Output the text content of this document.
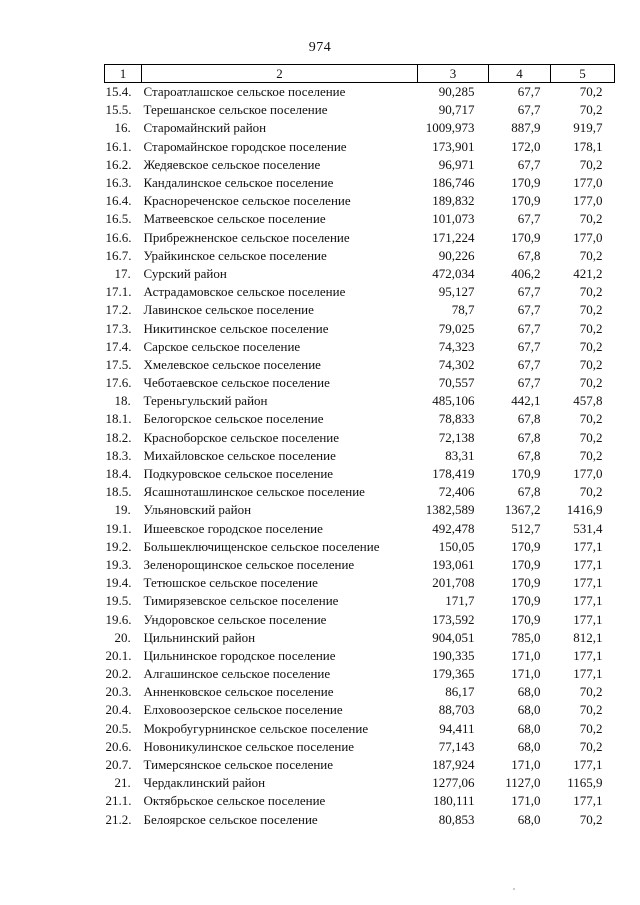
974
1	2	3	4	5
15.4.	Староатлашское сельское поселение	90,285	67,7	70,2
15.5.	Терешанское сельское поселение	90,717	67,7	70,2
16.	Старомайнский район	1009,973	887,9	919,7
16.1.	Старомайнское городское поселение	173,901	172,0	178,1
16.2.	Жедяевское сельское поселение	96,971	67,7	70,2
16.3.	Кандалинское сельское поселение	186,746	170,9	177,0
16.4.	Краснореченское сельское поселение	189,832	170,9	177,0
16.5.	Матвеевское сельское поселение	101,073	67,7	70,2
16.6.	Прибрежненское сельское поселение	171,224	170,9	177,0
16.7.	Урайкинское сельское поселение	90,226	67,8	70,2
17.	Сурский район	472,034	406,2	421,2
17.1.	Астрадамовское сельское поселение	95,127	67,7	70,2
17.2.	Лавинское сельское поселение	78,7	67,7	70,2
17.3.	Никитинское сельское поселение	79,025	67,7	70,2
17.4.	Сарское сельское поселение	74,323	67,7	70,2
17.5.	Хмелевское сельское поселение	74,302	67,7	70,2
17.6.	Чеботаевское сельское поселение	70,557	67,7	70,2
18.	Тереньгульский район	485,106	442,1	457,8
18.1.	Белогорское сельское поселение	78,833	67,8	70,2
18.2.	Красноборское сельское поселение	72,138	67,8	70,2
18.3.	Михайловское сельское поселение	83,31	67,8	70,2
18.4.	Подкуровское сельское поселение	178,419	170,9	177,0
18.5.	Ясашноташлинское сельское поселение	72,406	67,8	70,2
19.	Ульяновский район	1382,589	1367,2	1416,9
19.1.	Ишеевское городское поселение	492,478	512,7	531,4
19.2.	Большеключищенское сельское поселение	150,05	170,9	177,1
19.3.	Зеленорощинское сельское поселение	193,061	170,9	177,1
19.4.	Тетюшское сельское поселение	201,708	170,9	177,1
19.5.	Тимирязевское сельское поселение	171,7	170,9	177,1
19.6.	Ундоровское сельское поселение	173,592	170,9	177,1
20.	Цильнинский район	904,051	785,0	812,1
20.1.	Цильнинское городское поселение	190,335	171,0	177,1
20.2.	Алгашинское сельское поселение	179,365	171,0	177,1
20.3.	Анненковское сельское поселение	86,17	68,0	70,2
20.4.	Елховоозерское сельское поселение	88,703	68,0	70,2
20.5.	Мокробугурнинское сельское поселение	94,411	68,0	70,2
20.6.	Новоникулинское сельское поселение	77,143	68,0	70,2
20.7.	Тимерсянское сельское поселение	187,924	171,0	177,1
21.	Чердаклинский район	1277,06	1127,0	1165,9
21.1.	Октябрьское сельское поселение	180,111	171,0	177,1
21.2.	Белоярское сельское поселение	80,853	68,0	70,2
